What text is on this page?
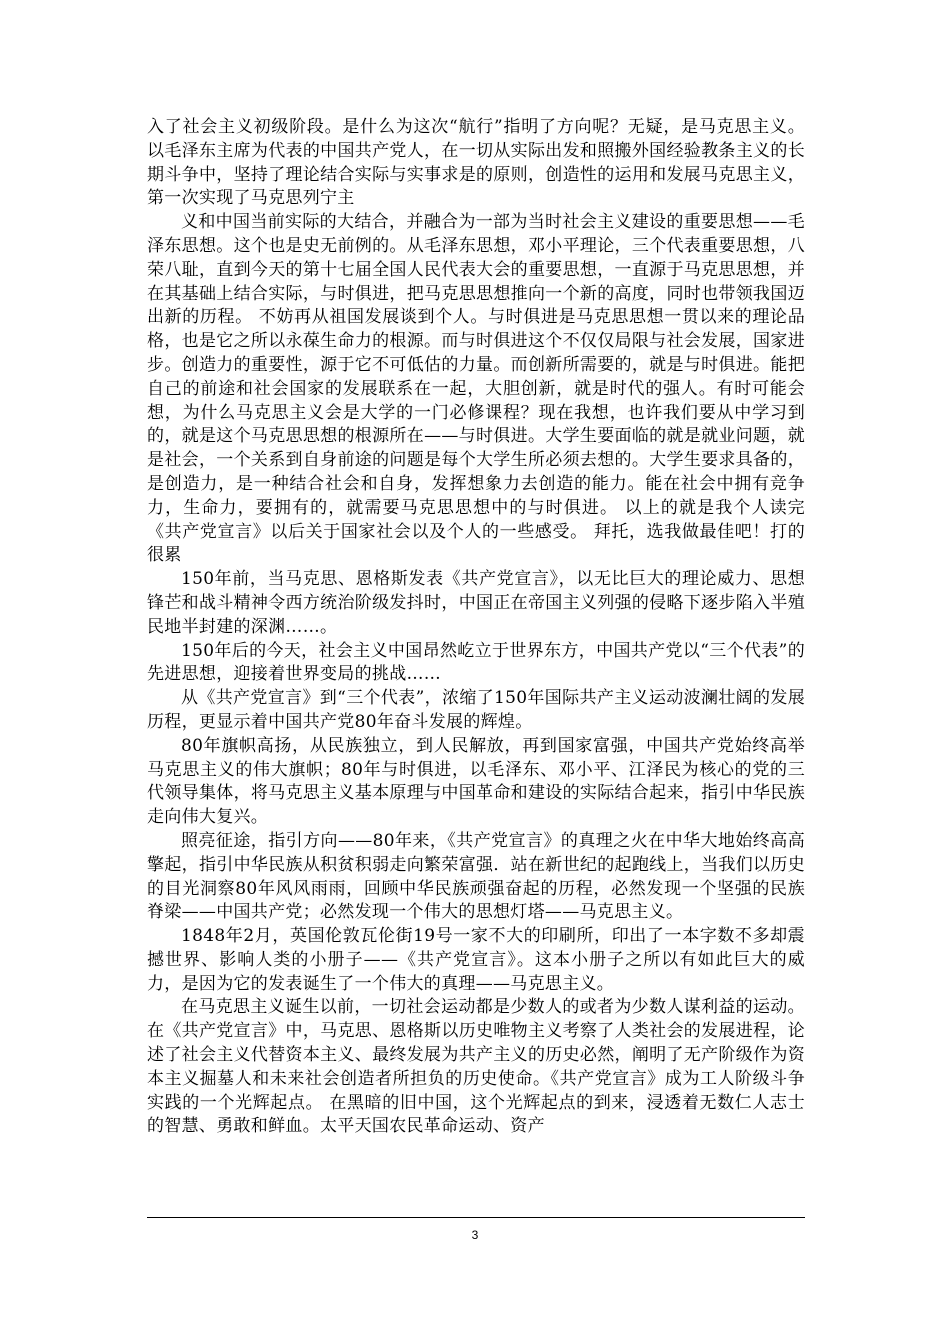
入了社会主义初级阶段。是什么为这次“航行”指明了方向呢？无疑，是马克思主义。以毛泽东主席为代表的中国共产党人，在一切从实际出发和照搬外国经验教条主义的长期斗争中，坚持了理论结合实际与实事求是的原则，创造性的运用和发展马克思主义，第一次实现了马克思列宁主

义和中国当前实际的大结合，并融合为一部为当时社会主义建设的重要思想——毛泽东思想。这个也是史无前例的。从毛泽东思想，邓小平理论，三个代表重要思想，八荣八耻，直到今天的第十七届全国人民代表大会的重要思想，一直源于马克思思想，并在其基础上结合实际，与时俱进，把马克思思想推向一个新的高度，同时也带领我国迈出新的历程。 不妨再从祖国发展谈到个人。与时俱进是马克思思想一贯以来的理论品格，也是它之所以永葆生命力的根源。而与时俱进这个不仅仅局限与社会发展，国家进步。创造力的重要性，源于它不可低估的力量。而创新所需要的，就是与时俱进。能把自己的前途和社会国家的发展联系在一起，大胆创新，就是时代的强人。有时可能会想，为什么马克思主义会是大学的一门必修课程？现在我想，也许我们要从中学习到的，就是这个马克思思想的根源所在——与时俱进。大学生要面临的就是就业问题，就是社会，一个关系到自身前途的问题是每个大学生所必须去想的。大学生要求具备的，是创造力，是一种结合社会和自身，发挥想象力去创造的能力。能在社会中拥有竞争力，生命力，要拥有的，就需要马克思思想中的与时俱进。 以上的就是我个人读完《共产党宣言》以后关于国家社会以及个人的一些感受。 拜托，选我做最佳吧！打的很累

150年前，当马克思、恩格斯发表《共产党宣言》，以无比巨大的理论威力、思想锋芒和战斗精神令西方统治阶级发抖时，中国正在帝国主义列强的侵略下逐步陷入半殖民地半封建的深渊……。

150年后的今天，社会主义中国昂然屹立于世界东方，中国共产党以“三个代表”的先进思想，迎接着世界变局的挑战……

从《共产党宣言》到“三个代表”，浓缩了150年国际共产主义运动波澜壮阔的发展历程，更显示着中国共产党80年奋斗发展的辉煌。

80年旗帜高扬，从民族独立，到人民解放，再到国家富强，中国共产党始终高举马克思主义的伟大旗帜；80年与时俱进，以毛泽东、邓小平、江泽民为核心的党的三代领导集体，将马克思主义基本原理与中国革命和建设的实际结合起来，指引中华民族走向伟大复兴。

照亮征途，指引方向——80年来，《共产党宣言》的真理之火在中华大地始终高高擎起，指引中华民族从积贫积弱走向繁荣富强．站在新世纪的起跑线上，当我们以历史的目光洞察80年风风雨雨，回顾中华民族顽强奋起的历程，必然发现一个坚强的民族脊梁——中国共产党；必然发现一个伟大的思想灯塔——马克思主义。

1848年2月，英国伦敦瓦伦街19号一家不大的印刷所，印出了一本字数不多却震撼世界、影响人类的小册子——《共产党宣言》。这本小册子之所以有如此巨大的威力，是因为它的发表诞生了一个伟大的真理——马克思主义。

在马克思主义诞生以前，一切社会运动都是少数人的或者为少数人谋利益的运动。在《共产党宣言》中，马克思、恩格斯以历史唯物主义考察了人类社会的发展进程，论述了社会主义代替资本主义、最终发展为共产主义的历史必然，阐明了无产阶级作为资本主义掘墓人和未来社会创造者所担负的历史使命。《共产党宣言》成为工人阶级斗争实践的一个光辉起点。 在黑暗的旧中国，这个光辉起点的到来，浸透着无数仁人志士的智慧、勇敢和鲜血。太平天国农民革命运动、资产

3
